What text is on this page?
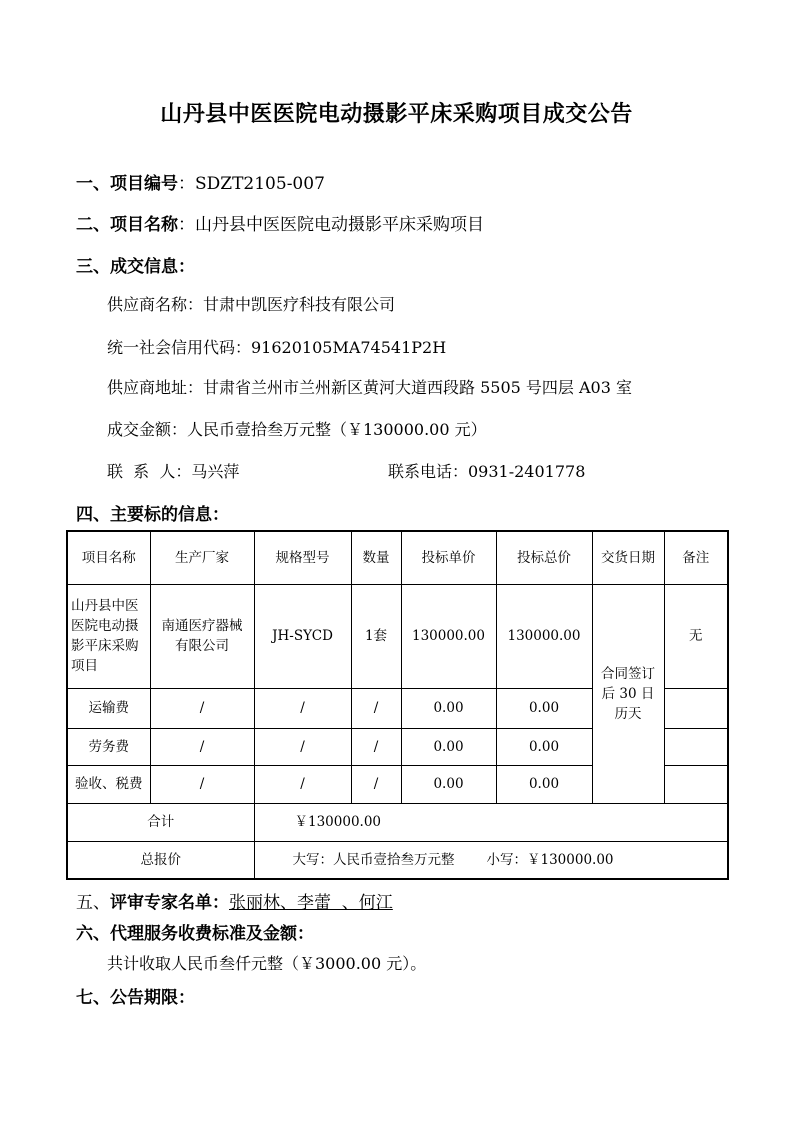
山丹县中医医院电动摄影平床采购项目成交公告
一、项目编号：SDZT2105-007
二、项目名称：山丹县中医医院电动摄影平床采购项目
三、成交信息：
供应商名称：甘肃中凯医疗科技有限公司
统一社会信用代码：91620105MA74541P2H
供应商地址：甘肃省兰州市兰州新区黄河大道西段路 5505 号四层 A03 室
成交金额：人民币壹拾叁万元整（￥130000.00 元）
联  系  人：马兴萍	联系电话：0931-2401778
四、主要标的信息：
项目名称	生产厂家	规格型号	数量	投标单价	投标总价	交货日期	备注
山丹县中医医院电动摄影平床采购项目	南通医疗器械有限公司	JH-SYCD	1套	130000.00	130000.00	合同签订后 30 日历天	无
运输费	/	/	/	0.00	0.00		
劳务费	/	/	/	0.00	0.00		
验收、税费	/	/	/	0.00	0.00		
合计		￥130000.00					
总报价		大写：人民币壹拾叁万元整 小写：￥130000.00					
五、评审专家名单：张丽林、李蕾  、何江
六、代理服务收费标准及金额：
共计收取人民币叁仟元整（￥3000.00 元）。
七、公告期限：
